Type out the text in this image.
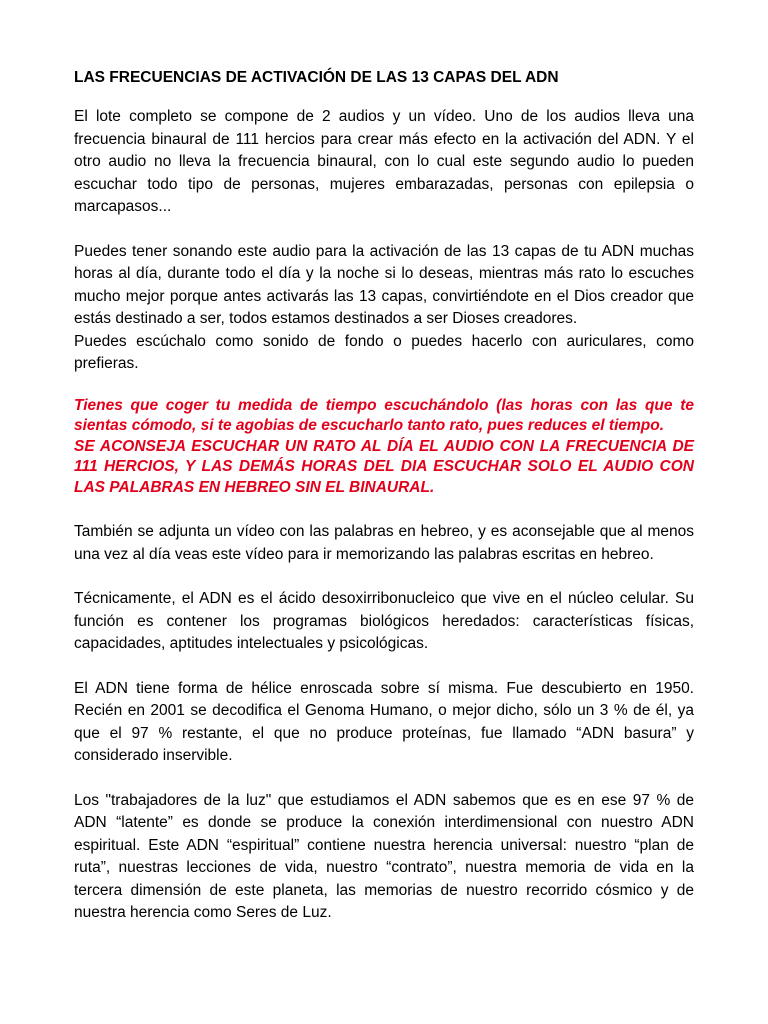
LAS FRECUENCIAS DE ACTIVACIÓN DE LAS 13 CAPAS DEL ADN
El lote completo se compone de 2 audios y un vídeo. Uno de los audios lleva una frecuencia binaural de 111 hercios para crear más efecto en la activación del ADN. Y el otro audio no lleva la frecuencia binaural, con lo cual este segundo audio lo pueden escuchar todo tipo de personas, mujeres embarazadas, personas con epilepsia o marcapasos...
Puedes tener sonando este audio para la activación de las 13 capas de tu ADN muchas horas al día, durante todo el día y la noche si lo deseas, mientras más rato lo escuches mucho mejor porque antes activarás las 13 capas, convirtiéndote en el Dios creador que estás destinado a ser, todos estamos destinados a ser Dioses creadores.
Puedes escúchalo como sonido de fondo o puedes hacerlo con auriculares, como prefieras.
Tienes que coger tu medida de tiempo escuchándolo (las horas con las que te sientas cómodo, si te agobias de escucharlo tanto rato, pues reduces el tiempo.
SE ACONSEJA ESCUCHAR UN RATO AL DÍA EL AUDIO CON LA FRECUENCIA DE 111 HERCIOS, Y LAS DEMÁS HORAS DEL DIA ESCUCHAR SOLO EL AUDIO CON LAS PALABRAS EN HEBREO SIN EL BINAURAL.
También se adjunta un vídeo con las palabras en hebreo, y es aconsejable que al menos una vez al día veas este vídeo para ir memorizando las palabras escritas en hebreo.
Técnicamente, el ADN es el ácido desoxirribonucleico que vive en el núcleo celular. Su función es contener los programas biológicos heredados: características físicas, capacidades, aptitudes intelectuales y psicológicas.
El ADN tiene forma de hélice enroscada sobre sí misma. Fue descubierto en 1950. Recién en 2001 se decodifica el Genoma Humano, o mejor dicho, sólo un 3 % de él, ya que el 97 % restante, el que no produce proteínas, fue llamado “ADN basura” y considerado inservible.
Los "trabajadores de la luz" que estudiamos el ADN sabemos que es en ese 97 % de ADN “latente” es donde se produce la conexión interdimensional con nuestro ADN espiritual. Este ADN “espiritual” contiene nuestra herencia universal: nuestro “plan de ruta”, nuestras lecciones de vida, nuestro “contrato”, nuestra memoria de vida en la tercera dimensión de este planeta, las memorias de nuestro recorrido cósmico y de nuestra herencia como Seres de Luz.
